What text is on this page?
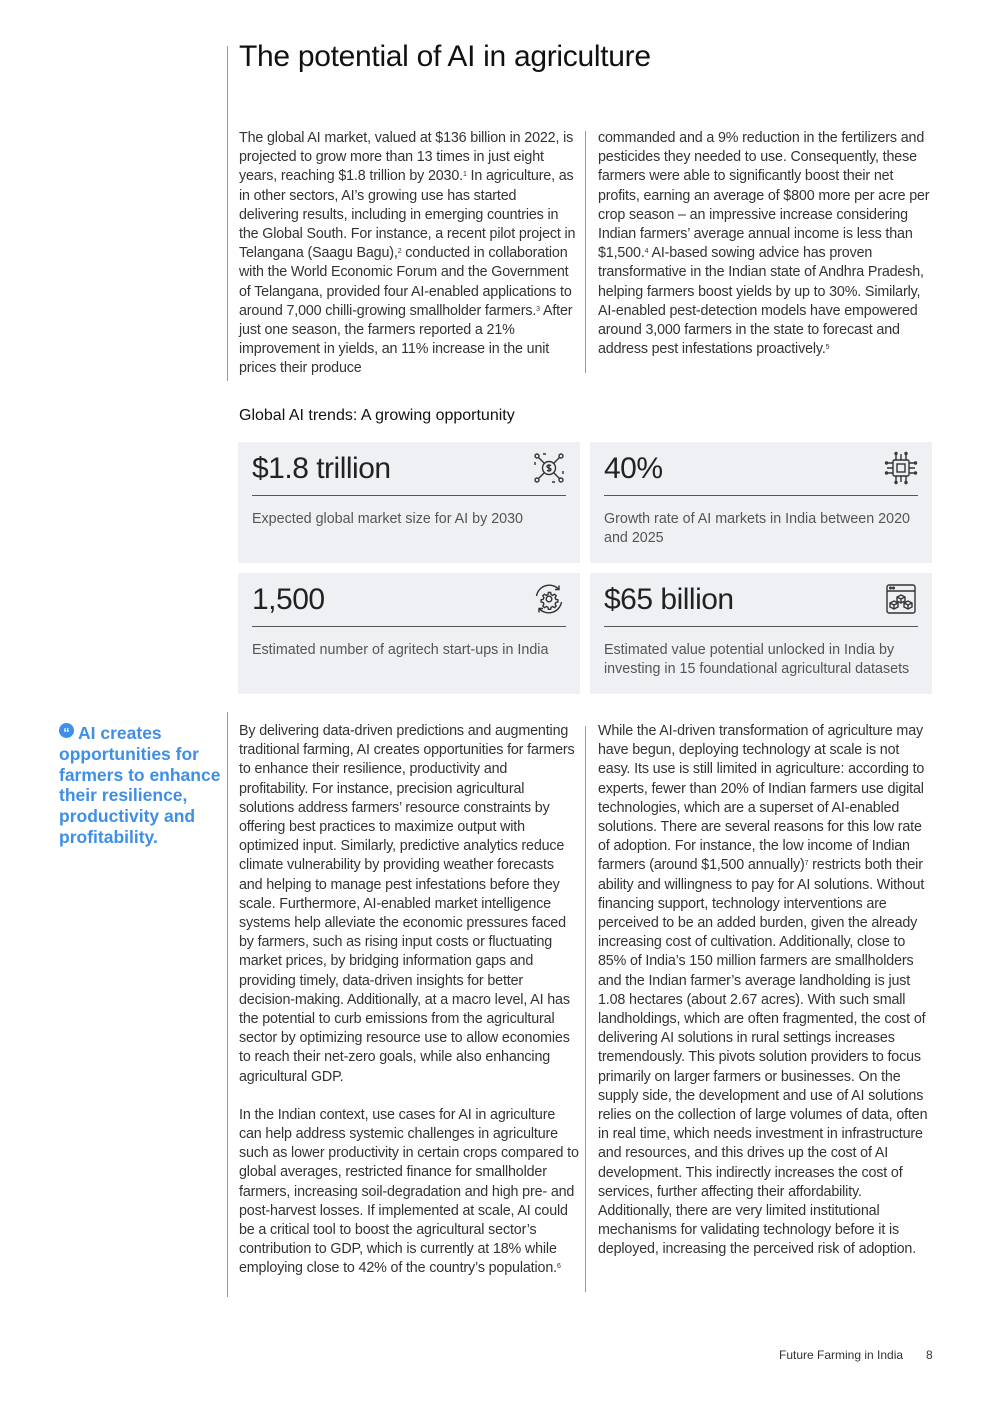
The potential of AI in agriculture

The global AI market, valued at $136 billion in 2022, is projected to grow more than 13 times in just eight years, reaching $1.8 trillion by 2030.$^1$ In agriculture, as in other sectors, AI’s growing use has started delivering results, including in emerging countries in the Global South. For instance, a recent pilot project in Telangana (Saagu Bagu),$^2$ conducted in collaboration with the World Economic Forum and the Government of Telangana, provided four AI-enabled applications to around 7,000 chilli-growing smallholder farmers.$^3$ After just one season, the farmers reported a 21% improvement in yields, an 11% increase in the unit prices their produce

commanded and a 9% reduction in the fertilizers and pesticides they needed to use. Consequently, these farmers were able to significantly boost their net profits, earning an average of $800 more per acre per crop season – an impressive increase considering Indian farmers’ average annual income is less than $1,500.$^4$ AI-based sowing advice has proven transformative in the Indian state of Andhra Pradesh, helping farmers boost yields by up to 30%. Similarly, AI-enabled pest-detection models have empowered around 3,000 farmers in the state to forecast and address pest infestations proactively.$^5$

Global AI trends: A growing opportunity
$1.8 trillion
Expected global market size for AI by 2030
40%
Growth rate of AI markets in India between 2020 and 2025
1,500
Estimated number of agritech start-ups in India
$65 billion
Estimated value potential unlocked in India by investing in 15 foundational agricultural datasets
“ AI creates opportunities for farmers to enhance their resilience, productivity and profitability.

By delivering data-driven predictions and augmenting traditional farming, AI creates opportunities for farmers to enhance their resilience, productivity and profitability. For instance, precision agricultural solutions address farmers’ resource constraints by offering best practices to maximize output with optimized input. Similarly, predictive analytics reduce climate vulnerability by providing weather forecasts and helping to manage pest infestations before they scale. Furthermore, AI-enabled market intelligence systems help alleviate the economic pressures faced by farmers, such as rising input costs or fluctuating market prices, by bridging information gaps and providing timely, data-driven insights for better decision-making. Additionally, at a macro level, AI has the potential to curb emissions from the agricultural sector by optimizing resource use to allow economies to reach their net-zero goals, while also enhancing agricultural GDP.

In the Indian context, use cases for AI in agriculture can help address systemic challenges in agriculture such as lower productivity in certain crops compared to global averages, restricted finance for smallholder farmers, increasing soil-degradation and high pre- and post-harvest losses. If implemented at scale, AI could be a critical tool to boost the agricultural sector’s contribution to GDP, which is currently at 18% while employing close to 42% of the country’s population.$^6$

While the AI-driven transformation of agriculture may have begun, deploying technology at scale is not easy. Its use is still limited in agriculture: according to experts, fewer than 20% of Indian farmers use digital technologies, which are a superset of AI-enabled solutions. There are several reasons for this low rate of adoption. For instance, the low income of Indian farmers (around $1,500 annually)$^7$ restricts both their ability and willingness to pay for AI solutions. Without financing support, technology interventions are perceived to be an added burden, given the already increasing cost of cultivation. Additionally, close to 85% of India’s 150 million farmers are smallholders and the Indian farmer’s average landholding is just 1.08 hectares (about 2.67 acres). With such small landholdings, which are often fragmented, the cost of delivering AI solutions in rural settings increases tremendously. This pivots solution providers to focus primarily on larger farmers or businesses. On the supply side, the development and use of AI solutions relies on the collection of large volumes of data, often in real time, which needs investment in infrastructure and resources, and this drives up the cost of AI development. This indirectly increases the cost of services, further affecting their affordability. Additionally, there are very limited institutional mechanisms for validating technology before it is deployed, increasing the perceived risk of adoption.

Future Farming in India 8
